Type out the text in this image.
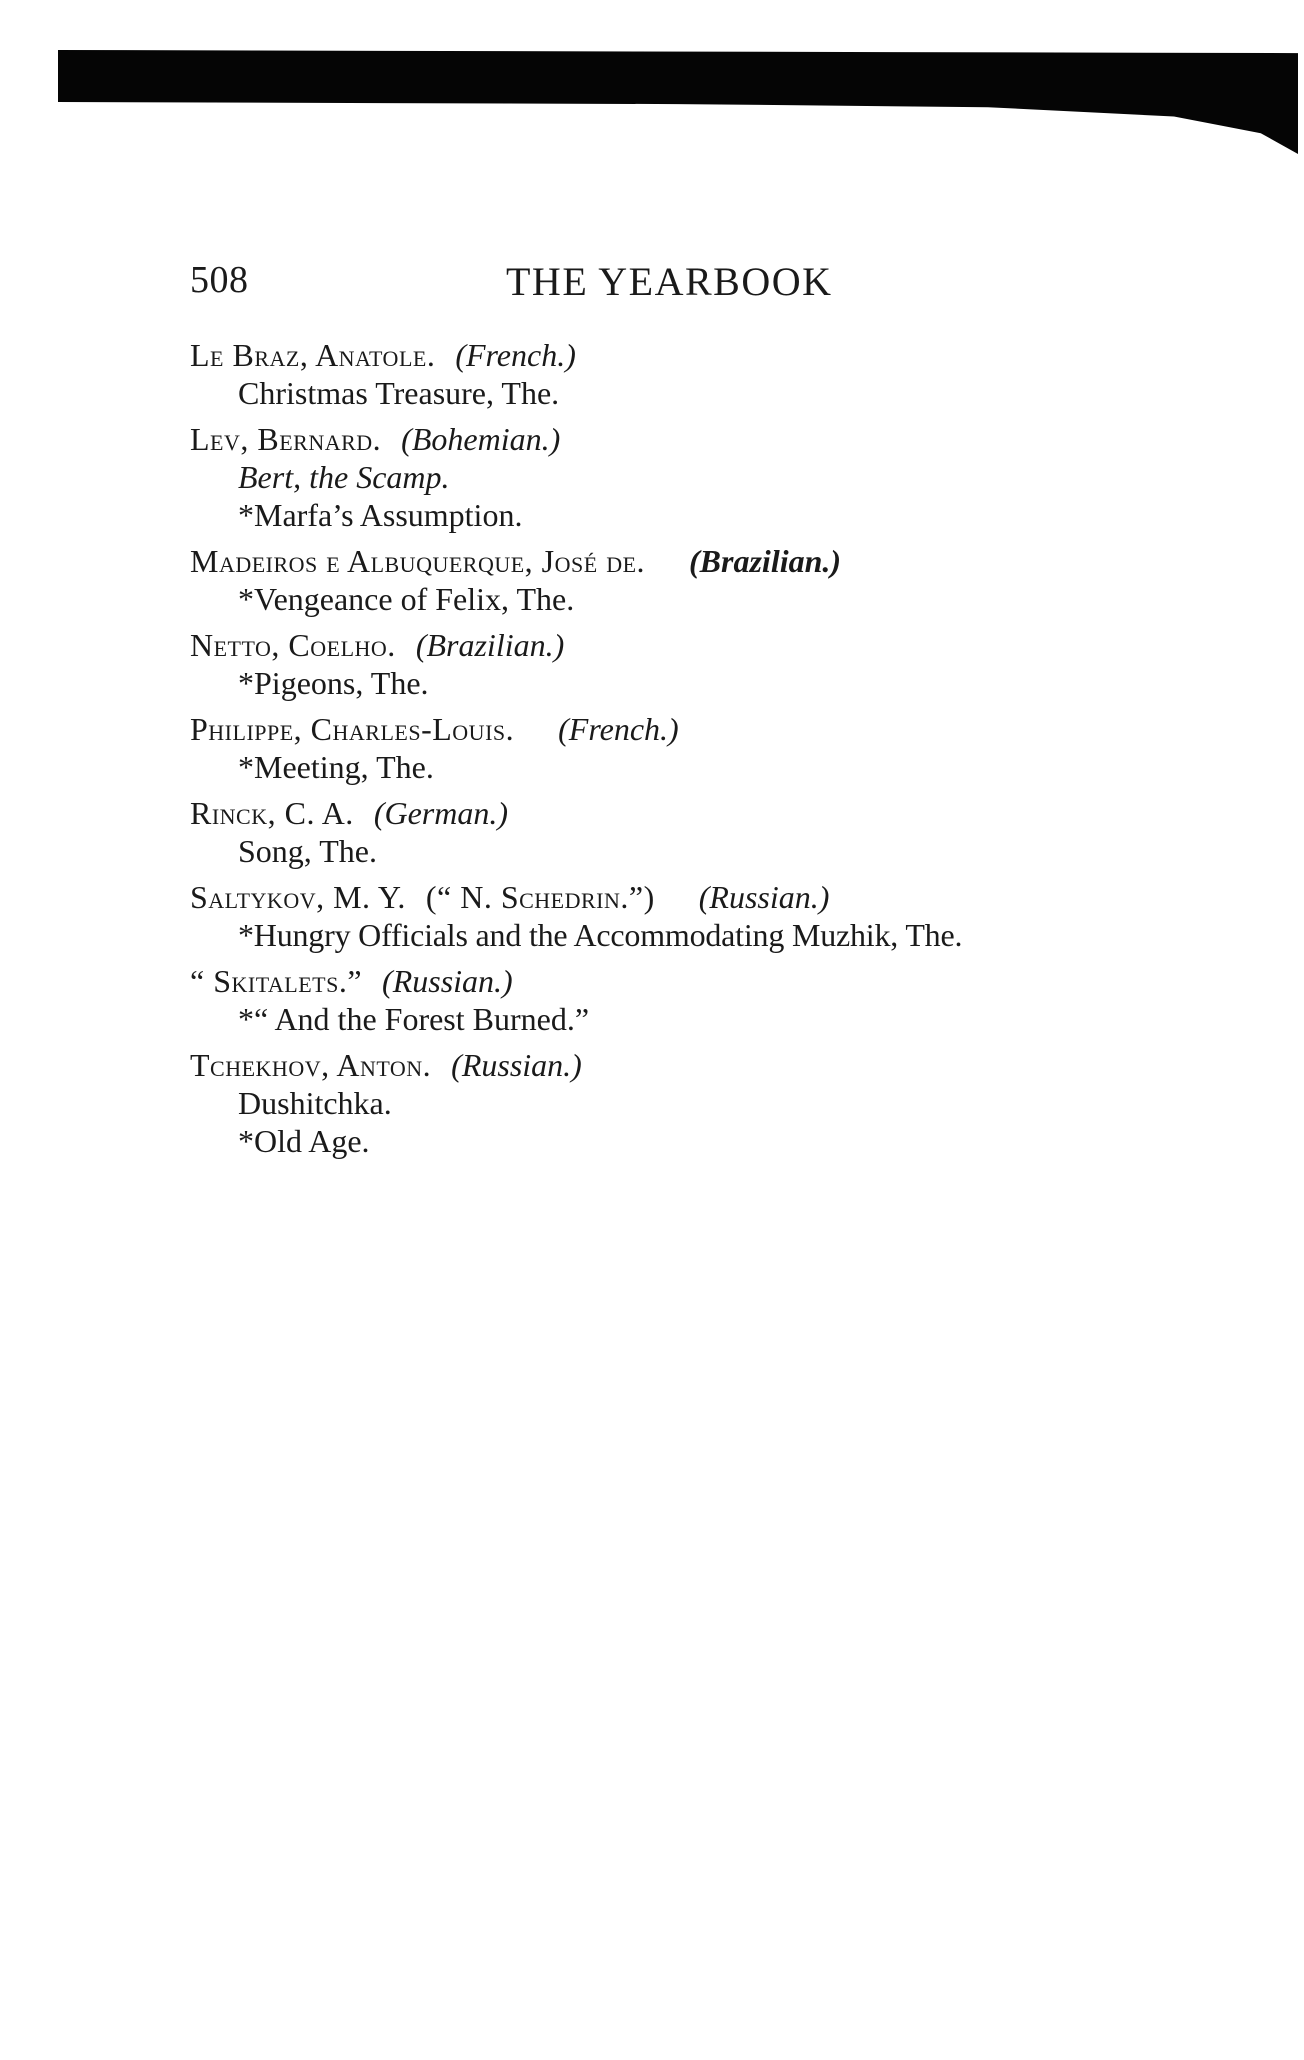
508	THE YEARBOOK
Le Braz, Anatole. (French.)
Christmas Treasure, The.
Lev, Bernard. (Bohemian.)
Bert, the Scamp.
*Marfa’s Assumption.
Madeiros e Albuquerque, José de. (Brazilian.)
*Vengeance of Felix, The.
Netto, Coelho. (Brazilian.)
*Pigeons, The.
Philippe, Charles-Louis. (French.)
*Meeting, The.
Rinck, C. A. (German.)
Song, The.
Saltykov, M. Y. (“ N. Schedrin.”) (Russian.)
*Hungry Officials and the Accommodating Muzhik, The.
“ Skitalets.” (Russian.)
*“ And the Forest Burned.”
Tchekhov, Anton. (Russian.)
Dushitchka.
*Old Age.
